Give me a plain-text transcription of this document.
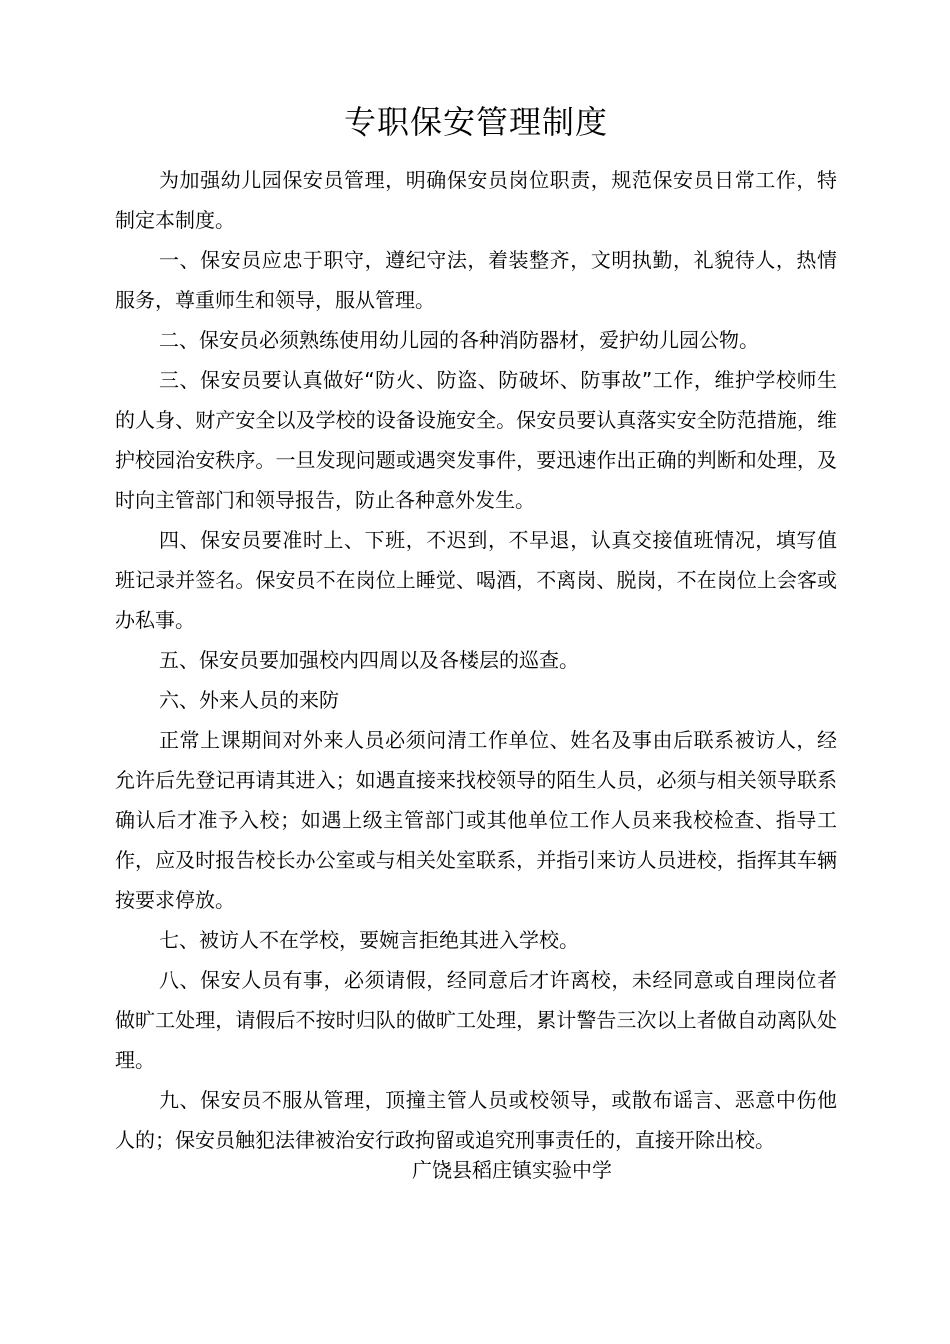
专职保安管理制度

为加强幼儿园保安员管理，明确保安员岗位职责，规范保安员日常工作，特制定本制度。

一、保安员应忠于职守，遵纪守法，着装整齐，文明执勤，礼貌待人，热情服务，尊重师生和领导，服从管理。

二、保安员必须熟练使用幼儿园的各种消防器材，爱护幼儿园公物。

三、保安员要认真做好“防火、防盗、防破坏、防事故”工作，维护学校师生的人身、财产安全以及学校的设备设施安全。保安员要认真落实安全防范措施，维护校园治安秩序。一旦发现问题或遇突发事件，要迅速作出正确的判断和处理，及时向主管部门和领导报告，防止各种意外发生。

四、保安员要准时上、下班，不迟到，不早退，认真交接值班情况，填写值班记录并签名。保安员不在岗位上睡觉、喝酒，不离岗、脱岗，不在岗位上会客或办私事。

五、保安员要加强校内四周以及各楼层的巡查。

六、外来人员的来防

正常上课期间对外来人员必须问清工作单位、姓名及事由后联系被访人，经允许后先登记再请其进入；如遇直接来找校领导的陌生人员，必须与相关领导联系确认后才准予入校；如遇上级主管部门或其他单位工作人员来我校检查、指导工作，应及时报告校长办公室或与相关处室联系，并指引来访人员进校，指挥其车辆按要求停放。

七、被访人不在学校，要婉言拒绝其进入学校。

八、保安人员有事，必须请假，经同意后才许离校，未经同意或自理岗位者做旷工处理，请假后不按时归队的做旷工处理，累计警告三次以上者做自动离队处理。

九、保安员不服从管理，顶撞主管人员或校领导，或散布谣言、恶意中伤他人的；保安员触犯法律被治安行政拘留或追究刑事责任的，直接开除出校。

广饶县稻庄镇实验中学
